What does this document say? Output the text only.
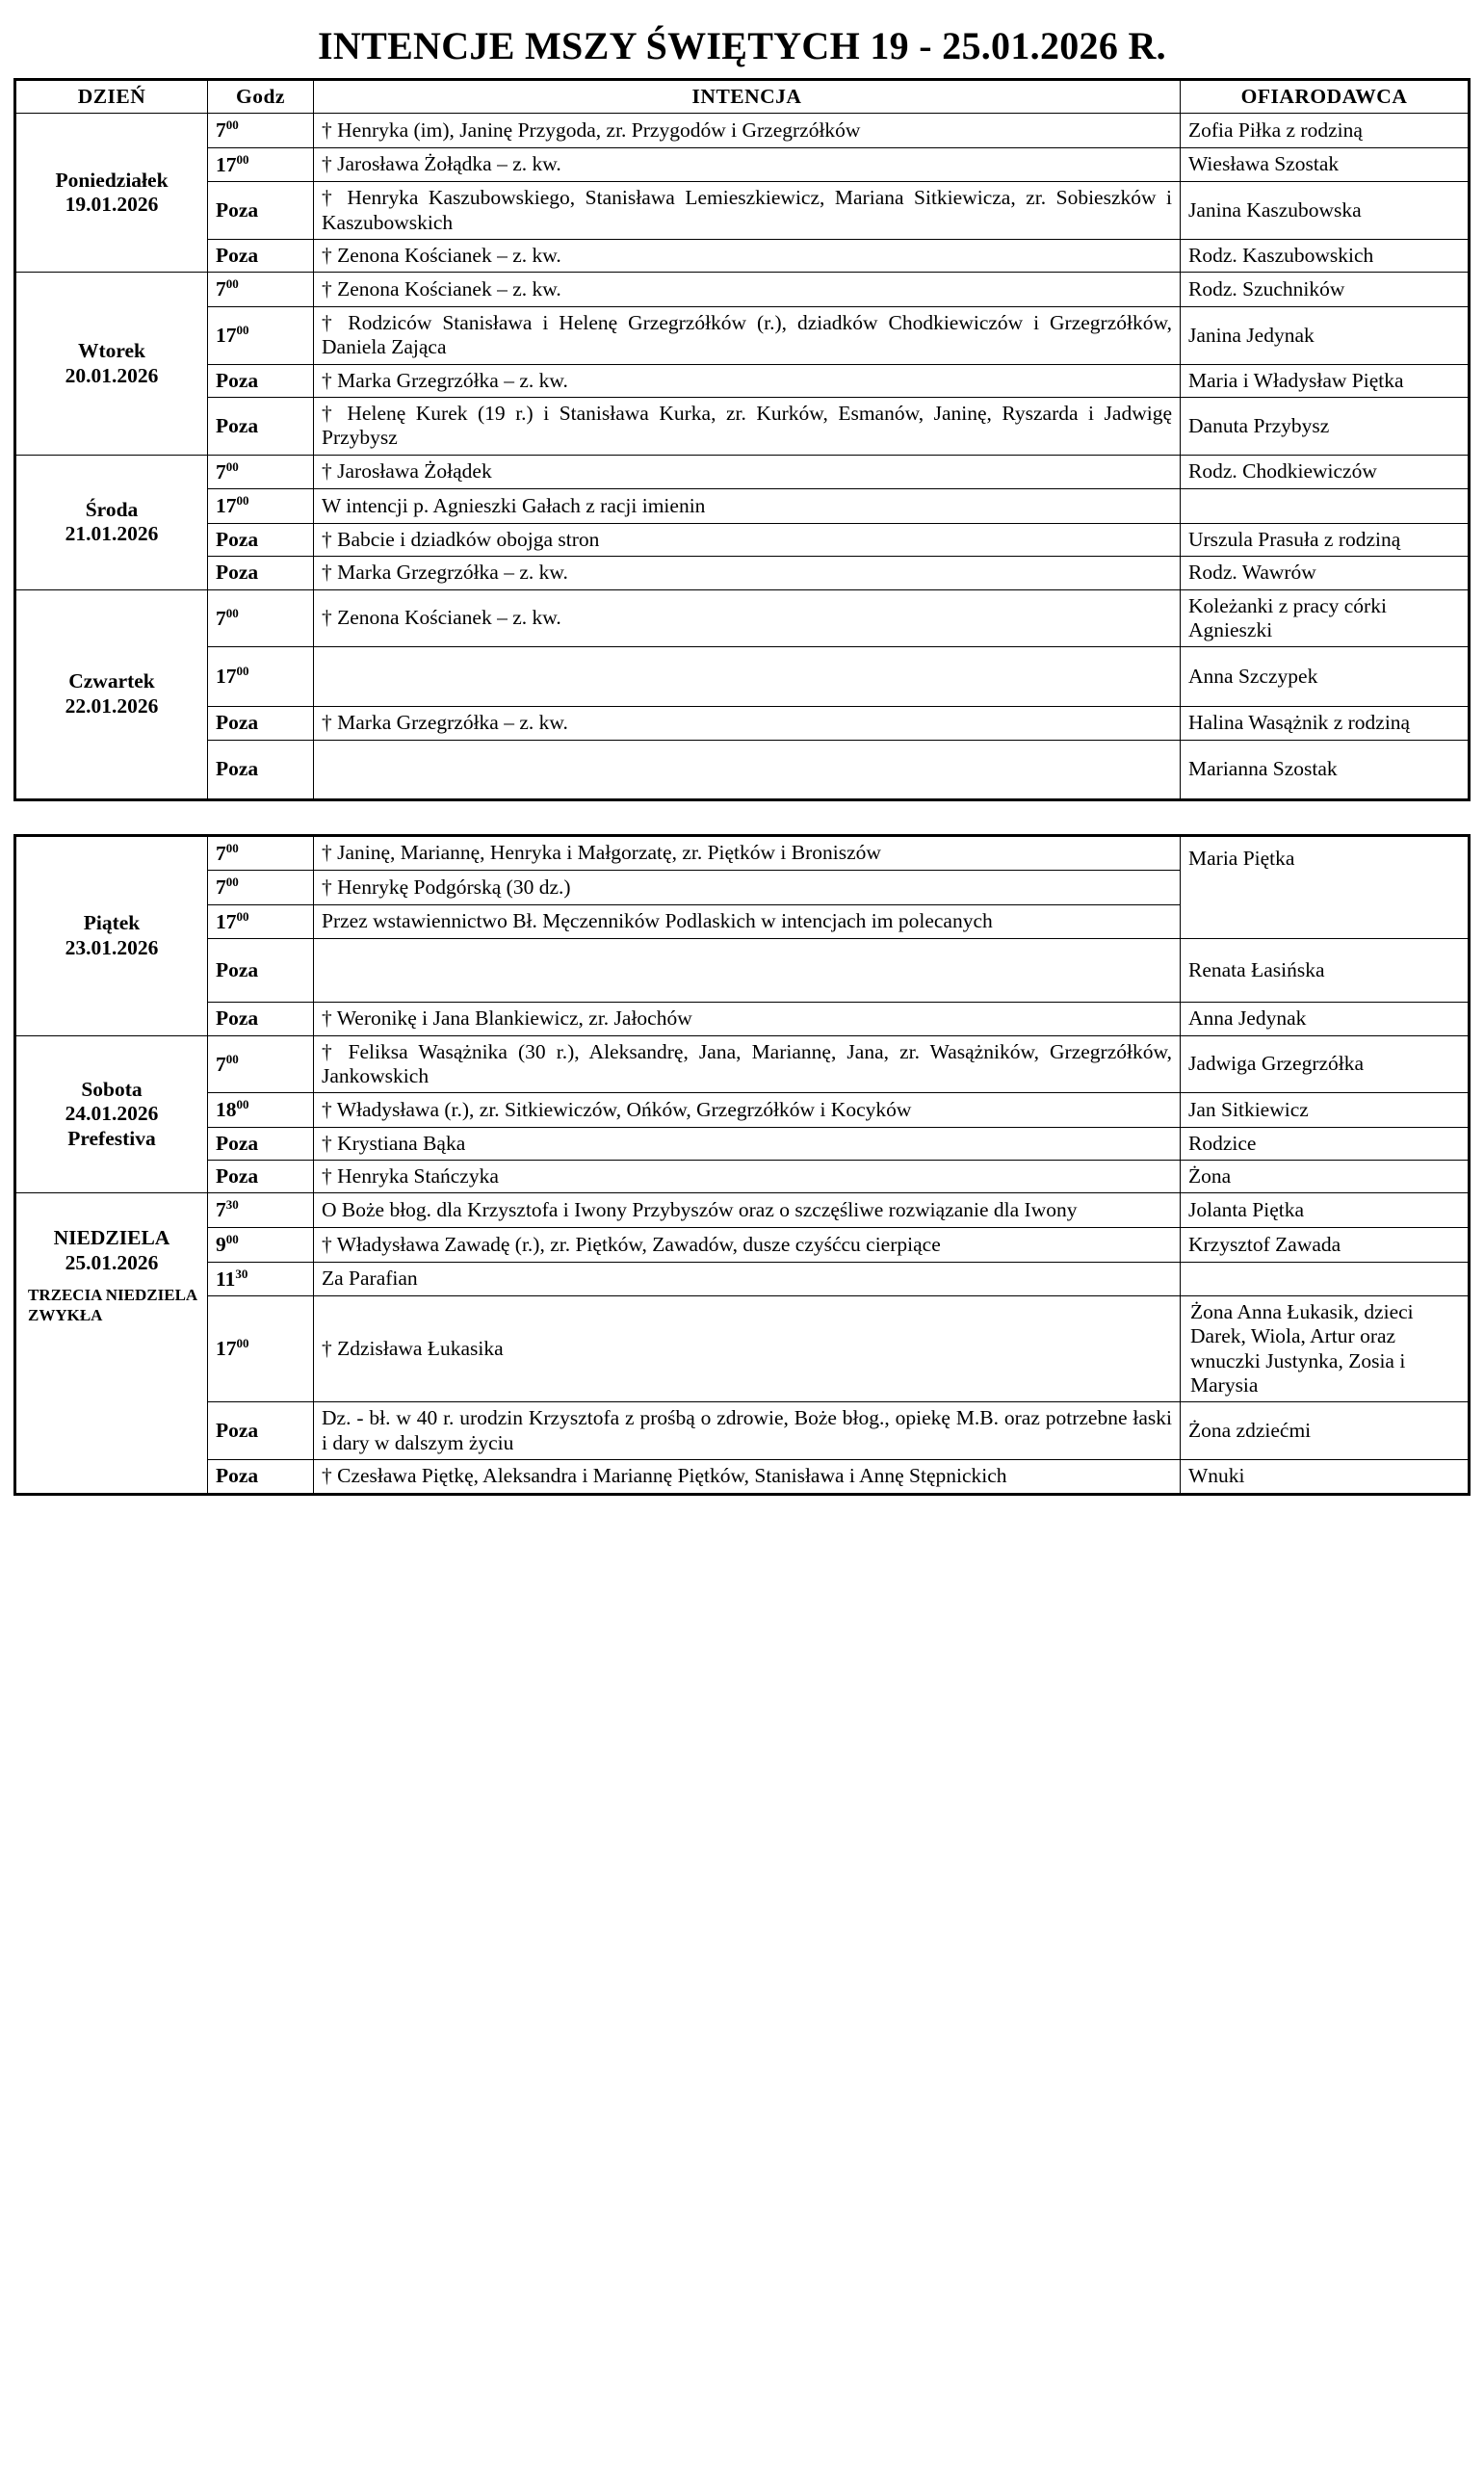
INTENCJE MSZY ŚWIĘTYCH 19 - 25.01.2026 R.
DZIEŃ	Godz	INTENCJA	OFIARODAWCA

Poniedziałek
19.01.2026	$7^{00}$	† Henryka (im), Janinę Przygoda, zr. Przygodów i Grzegrzółków	Zofia Piłka z rodziną
	$17^{00}$	† Jarosława Żołądka – z. kw.	Wiesława Szostak
	Poza	† Henryka Kaszubowskiego, Stanisława Lemieszkiewicz, Mariana Sitkiewicza, zr. Sobieszków i Kaszubowskich	Janina Kaszubowska
	Poza	† Zenona Kościanek – z. kw.	Rodz. Kaszubowskich

Wtorek
20.01.2026	$7^{00}$	† Zenona Kościanek – z. kw.	Rodz. Szuchników
	$17^{00}$	† Rodziców Stanisława i Helenę Grzegrzółków (r.), dziadków Chodkiewiczów i Grzegrzółków, Daniela Zająca	Janina Jedynak
	Poza	† Marka Grzegrzółka – z. kw.	Maria i Władysław Piętka
	Poza	† Helenę Kurek (19 r.) i Stanisława Kurka, zr. Kurków, Esmanów, Janinę, Ryszarda i Jadwigę Przybysz	Danuta Przybysz

Środa
21.01.2026	$7^{00}$	† Jarosława Żołądek	Rodz. Chodkiewiczów
	$17^{00}$	W intencji p. Agnieszki Gałach z racji imienin	
	Poza	† Babcie i dziadków obojga stron	Urszula Prasuła z rodziną
	Poza	† Marka Grzegrzółka – z. kw.	Rodz. Wawrów

Czwartek
22.01.2026	$7^{00}$	† Zenona Kościanek – z. kw.	Koleżanki z pracy córki Agnieszki
	$17^{00}$		Anna Szczypek
	Poza	† Marka Grzegrzółka – z. kw.	Halina Wasążnik z rodziną
	Poza		Marianna Szostak
Piątek
23.01.2026	$7^{00}$	† Janinę, Mariannę, Henryka i Małgorzatę, zr. Piętków i Broniszów	Maria Piętka
	$7^{00}$	† Henrykę Podgórską (30 dz.)	
	$17^{00}$	Przez wstawiennictwo Bł. Męczenników Podlaskich w intencjach im polecanych	
	Poza		Renata Łasińska
	Poza	† Weronikę i Jana Blankiewicz, zr. Jałochów	Anna Jedynak

Sobota
24.01.2026
Prefestiva	$7^{00}$	† Feliksa Wasążnika (30 r.), Aleksandrę, Jana, Mariannę, Jana, zr. Wasążników, Grzegrzółków, Jankowskich	Jadwiga Grzegrzółka
	$18^{00}$	† Władysława (r.), zr. Sitkiewiczów, Ońków, Grzegrzółków i Kocyków	Jan Sitkiewicz
	Poza	† Krystiana Bąka	Rodzice
	Poza	† Henryka Stańczyka	Żona

NIEDZIELA
25.01.2026
TRZECIA NIEDZIELA ZWYKŁA	$7^{30}$	O Boże błog. dla Krzysztofa i Iwony Przybyszów oraz o szczęśliwe rozwiązanie dla Iwony	Jolanta Piętka
	$9^{00}$	† Władysława Zawadę (r.), zr. Piętków, Zawadów, dusze czyśćcu cierpiące	Krzysztof Zawada
	$11^{30}$	Za Parafian	
	$17^{00}$	† Zdzisława Łukasika	Żona Anna Łukasik, dzieci Darek, Wiola, Artur oraz wnuczki Justynka, Zosia i Marysia
	Poza	Dz. - bł. w 40 r. urodzin Krzysztofa z prośbą o zdrowie, Boże błog., opiekę M.B. oraz potrzebne łaski i dary w dalszym życiu	Żona zdziećmi
	Poza	† Czesława Piętkę, Aleksandra i Mariannę Piętków, Stanisława i Annę Stępnickich	Wnuki
